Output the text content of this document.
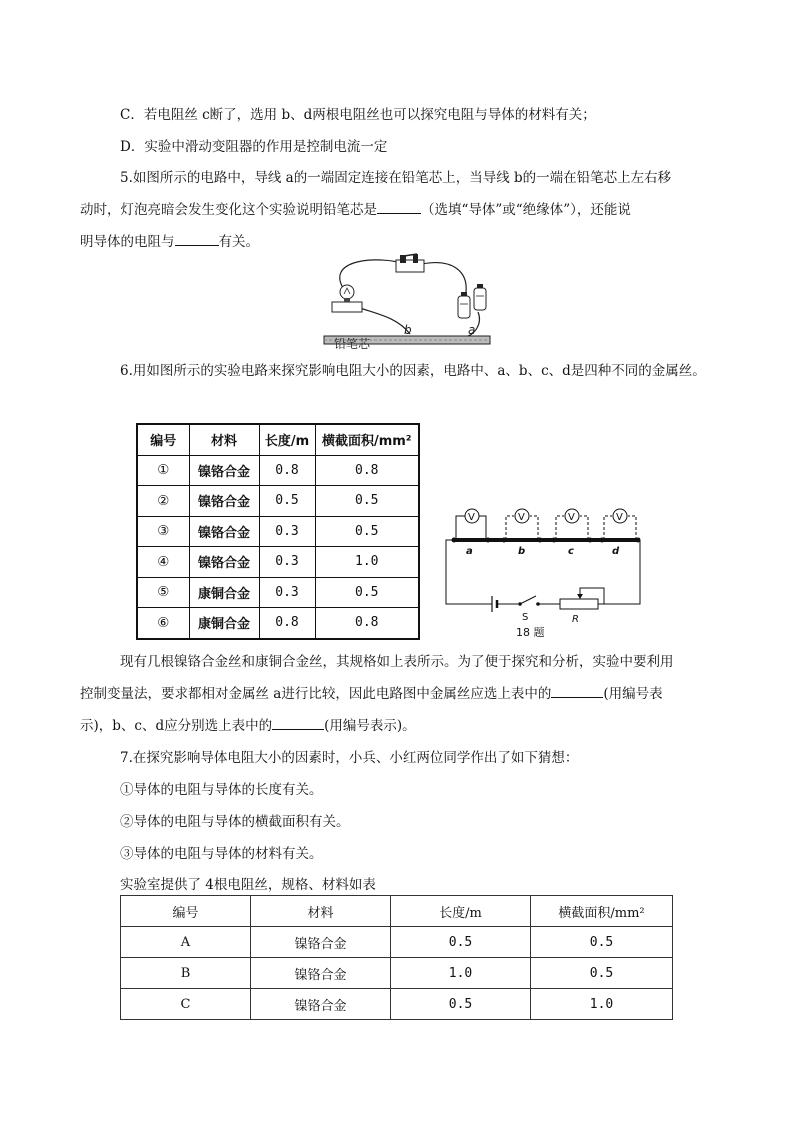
C．若电阻丝 c断了，选用 b、d两根电阻丝也可以探究电阻与导体的材料有关；
D．实验中滑动变阻器的作用是控制电流一定
5.如图所示的电路中，导线 a的一端固定连接在铅笔芯上，当导线 b的一端在铅笔芯上左右移
动时，灯泡亮暗会发生变化这个实验说明铅笔芯是	（选填“导体”或“绝缘体”），还能说
明导体的电阻与	有关。
铅笔芯
b	a
6.用如图所示的实验电路来探究影响电阻大小的因素，电路中、a、b、c、d是四种不同的金属丝。
编号	材料	长度/m	横截面积/mm²
①	镍铬合金	0.8	0.8
②	镍铬合金	0.5	0.5
③	镍铬合金	0.3	0.5
④	镍铬合金	0.3	1.0
⑤	康铜合金	0.3	0.5
⑥	康铜合金	0.8	0.8
V	V	V	V
a	b	c	d
S	R
18 题
现有几根镍铬合金丝和康铜合金丝，其规格如上表所示。为了便于探究和分析，实验中要利用
控制变量法，要求都相对金属丝 a进行比较，因此电路图中金属丝应选上表中的	(用编号表
示)，b、c、d应分别选上表中的	(用编号表示)。
7.在探究影响导体电阻大小的因素时，小兵、小红两位同学作出了如下猜想：
①导体的电阻与导体的长度有关。
②导体的电阻与导体的横截面积有关。
③导体的电阻与导体的材料有关。
实验室提供了 4根电阻丝，规格、材料如表
编号	材料	长度/m	横截面积/mm²
A	镍铬合金	0.5	0.5
B	镍铬合金	1.0	0.5
C	镍铬合金	0.5	1.0
